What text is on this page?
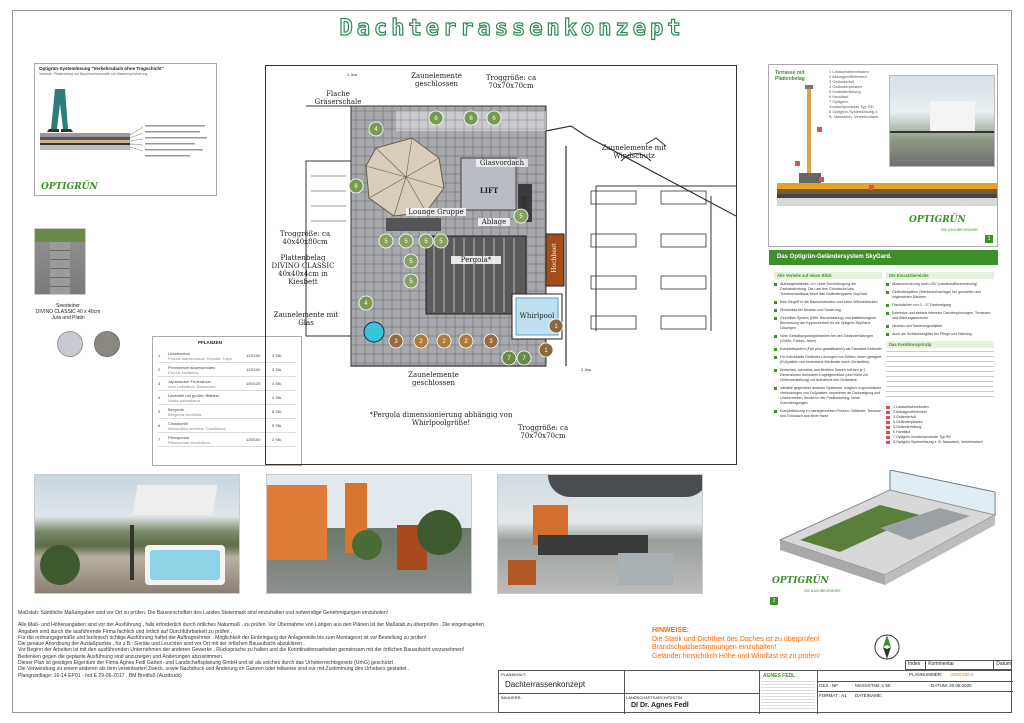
Dachterrassenkonzept
Optigrün-Systemlösung "Verkehrsdach ohne Tragschicht"
Variante: Plattenbelag auf Bautenschutzmatte mit Wasserspeicherung
OPTIGRÜN
Seesteiner
DIVINO CLASSIC 40 x 40cm
Jura und Platin
PFLANZEN
1	Liriodendron
Prunus laurocerasus 'Genolia' Tulpe	125/150	3 Stk.
2	Pennisetum alopecuroides
Prunus lusitanica	125/150	3 Stk.
3	Japanischer Federahorn
Acer palmatum 'Dissectum'	100/125	4 Stk.
4	Lavendel mit großen Blättern
Hosta sieboldiana	2 Stk.
5	Bergenie
Bergenia cordifolia	8 Stk.
6	Chinaschilf
Miscanthus sinensis 'Gracillimus'	5 Stk.
7	Pittosporum
Pittosporum tenuifolium	125/150	2 Stk.
4
6	6	6
6
5	5	5 5
5
5
4
3	2	2	2	3
7 7
1
1
5
Zaunelemente geschlossen
Troggröße: ca 70x70x70cm
Flache Gräserschale
Zaunelemente mit Windschutz
Glasvordach
LIFT
Grill
Lounge Gruppe
Ablage
Troggröße: ca 40x40x80cm
Plattenbelag DIVINO CLASSIC 40x40x4cm in Kiesbett
Pergola*	Hochbeet
Whirlpool
Zaunelemente mit Glas
Zaunelemente geschlossen
*Pergola dimensionierung abhängig von Whirlpoolgröße!
Troggröße: ca 70x70x70cm
2.5m
2.5m
Terrasse mit Plattenbelag
1 Lastaufnahmeboden
2 Aktragprofilelement
3 Geländerfuß
4 Geländerpfosten
5 Geländerfüllung
6 Handlauf
7 Optigrün-Vordachprodukte Typ RD
8 Optigrün-Systemlösung z. B. Nassdach, Verkehrsdach
OPTIGRÜN
DIE DACHBEGRÜNER
1
Das Optigrün-Geländersystem SkyGard.
Alle Vorteile auf einen Blick

Auflastgehaltenes, d.h. ohne Durchdringung der Dachabdichtung. Die Last des Gründachs bzw. Terrassenaufbaus fixiert das Geländersystem SkyGard

Kein Eingriff in die Baukonstruktion und keine Wärmebrücken

Einsetzbar bei Neubau und Sanierung

Geprüftes System (DIBt, Bauzulassung) und statikbezogene Bemessung der Kippsicherheit für die Optigrün-SkyGard-Lösungen

Viele Gestaltungsmöglichkeiten bei den Geländerfüllungen (Größe, Farben, Arten)

Komplettsystem (Fuß plus gestaltbarem) als Standard-Geländer

Für individuelle Geländer-Lösungen von Dritten: Intern geeignet (Fußplatten und technische Merkmale durch Zertsteifen)

Einfaches, schnelles und flexibles Setzen mit den je 2 Dimensionen drehbaren Kugelgelenkfuß (und Höhe zur Höhenverstellung) zur Aufnahme des Geländers

Variable gegenüber anderen Systemen: möglich: ergonomische Verbindungen von Fußplatten, separieren an Dachneigung und Unebenheiten, flexibel in der Positionierung, keine Durchdringungen

Komplettlösung zu marktgerechten Preisen: Geländer, Terrasse und Gründach aus einer Hand

Die Einsatzbereiche

Absturzsicherung nach LRV (Landschaftsverordnung)

Geländersystem (Werkschutzanlage) bei genutzten und ungenutzten Dächern

Flachdächer von 0 – 5° Dachneigung

Extensive und einfach intensive Dachbegrünungen, Terrassen und Wartungsbereiche

Neubau und Sanierungsobjekte

Auch als Sichtschutzgitter bei Pflege und Wartung

Das Funktionsprinzip
1 Lastaufnahmeboden
2 Aktragprofilelement
3 Geländerfuß
4 Geländerpfosten
5 Geländerfüllung
6 Handlauf
7 Optigrün-Vordachprodukte Typ RD
8 Optigrün-Systemlösung z. B. Nassdach, Verkehrsdach
OPTIGRÜN
DIE DACHBEGRÜNER
2
Maßstab: Sämtliche Maßangaben sind vor Ort zu prüfen. Die Bauvorschriften des Landes Steiermark sind einzuhalten und notwendige Genehmigungen einzuholen!
Alle Maß- und Höhenangaben sind vor der Ausführung , falls erforderlich durch örtliches Naturmaß , zu prüfen. Vor Übernahme von Längen aus den Plänen ist der Maßstab zu überprüfen . Die eingetragenen Angaben sind durch die ausführende Firma fachlich und örtlich auf Durchführbarkeit zu prüfen .
Für die ordnungsgemäße und technisch richtige Ausführung haftet der Auftragnehmer . Möglichkeit der Einbringung der Anlagenteile bis zum Montageort ist vor Bestellung zu prüfen!
Die genaue Anordnung der Auslaßpunkte , für z.B.: Geräte und Leuchten sind vor Ort mit der örtlichen Bauaufsicht abzuklären .
Vor Beginn der Arbeiten ist mit den ausführenden Unternehmen der anderen Gewerke , Rücksprache zu halten und die Koordinationsarbeiten gemeinsam mit der örtlichen Bauaufsicht vorzunehmen!
Bedenken gegen die geplante Ausführung sind anzuzeigen und Änderungen abzustimmen.
Dieser Plan ist geistiges Eigentum der Firma Agnes Fedl Garten- und Landschaftsplanung GmbH und ist als solches durch das Urheberrechtsgesetz (UrhG) geschützt .
Die Verwendung zu einem anderen als dem vereinbarten Zweck, sowie Nachdruck und Änderung im Ganzen oder teilweise sind nur mit Zustimmung des Urhebers gestattet .
Plangrundlage: 16-14 EP01 - Ind E 29-06-2017 , BM Breitfuß (Ausdruck)
HINWEISE:
Die Statik und Dichtheit des Daches ist zu überprüfen!
Brandschutzbestimmungen einzuhalten!
Geländer hinsichtlich Höhe und Windlast ist zu prüfen!
Index	Kommentar	Datum
PLANINHALT:
Dachterrassenkonzept
BAUHERR:	LANDSCHAFTSARCHITEKTIN
DI Dr. Agnes Fedl
AGNES FEDL	PLANNUMMER: 2020.020.e
GEZ.: NF	MASSSTAB: 1:50	DATUM: 20.06.2020
FORMAT : A1 DATEINAME:
